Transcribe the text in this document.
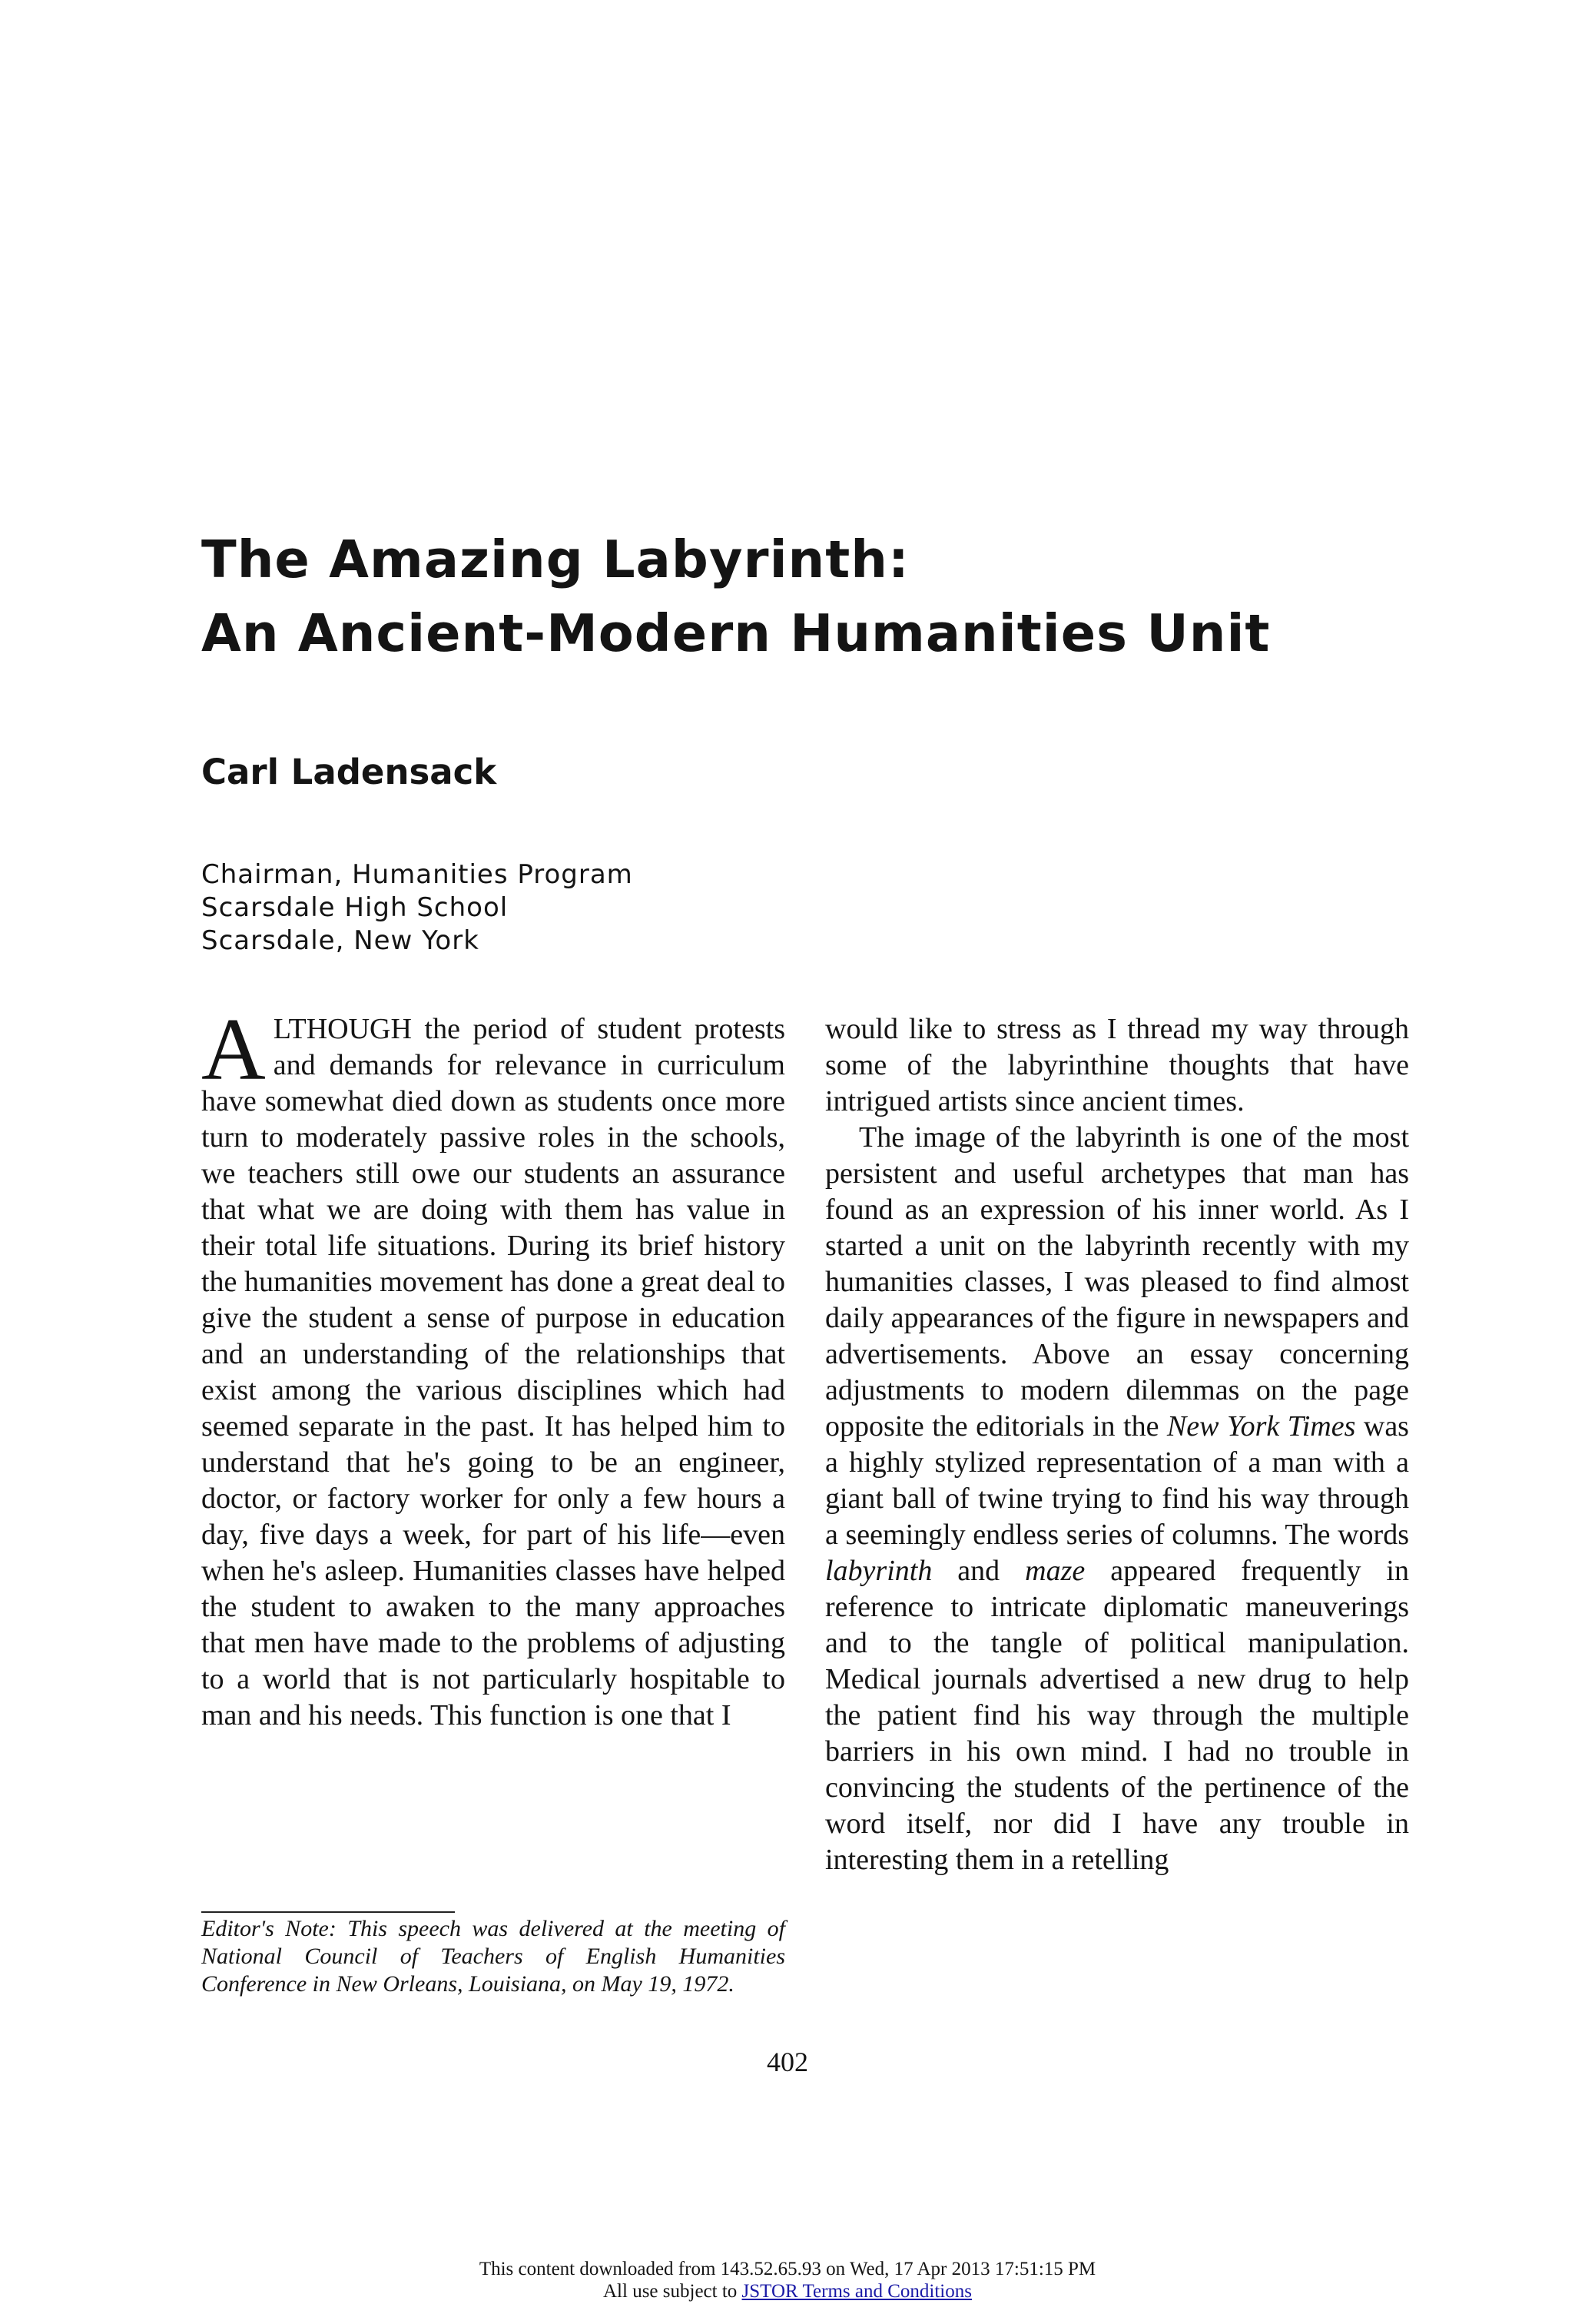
The Amazing Labyrinth:
An Ancient-Modern Humanities Unit
Carl Ladensack
Chairman, Humanities Program
Scarsdale High School
Scarsdale, New York

ALTHOUGH the period of student protests and demands for relevance in curriculum have somewhat died down as students once more turn to moderately passive roles in the schools, we teachers still owe our students an assurance that what we are doing with them has value in their total life situations. During its brief history the humanities movement has done a great deal to give the student a sense of purpose in education and an understanding of the relationships that exist among the various disciplines which had seemed separate in the past. It has helped him to understand that he's going to be an engineer, doctor, or factory worker for only a few hours a day, five days a week, for part of his life—even when he's asleep. Humanities classes have helped the student to awaken to the many approaches that men have made to the problems of adjusting to a world that is not particularly hospitable to man and his needs. This function is one that I

Editor's Note: This speech was delivered at the meeting of National Council of Teachers of English Humanities Conference in New Orleans, Louisiana, on May 19, 1972.

would like to stress as I thread my way through some of the labyrinthine thoughts that have intrigued artists since ancient times.

The image of the labyrinth is one of the most persistent and useful archetypes that man has found as an expression of his inner world. As I started a unit on the labyrinth recently with my humanities classes, I was pleased to find almost daily appearances of the figure in newspapers and advertisements. Above an essay concerning adjustments to modern dilemmas on the page opposite the editorials in the New York Times was a highly stylized representation of a man with a giant ball of twine trying to find his way through a seemingly endless series of columns. The words labyrinth and maze appeared frequently in reference to intricate diplomatic maneuverings and to the tangle of political manipulation. Medical journals advertised a new drug to help the patient find his way through the multiple barriers in his own mind. I had no trouble in convincing the students of the pertinence of the word itself, nor did I have any trouble in interesting them in a retelling

402
This content downloaded from 143.52.65.93 on Wed, 17 Apr 2013 17:51:15 PM
All use subject to JSTOR Terms and Conditions
